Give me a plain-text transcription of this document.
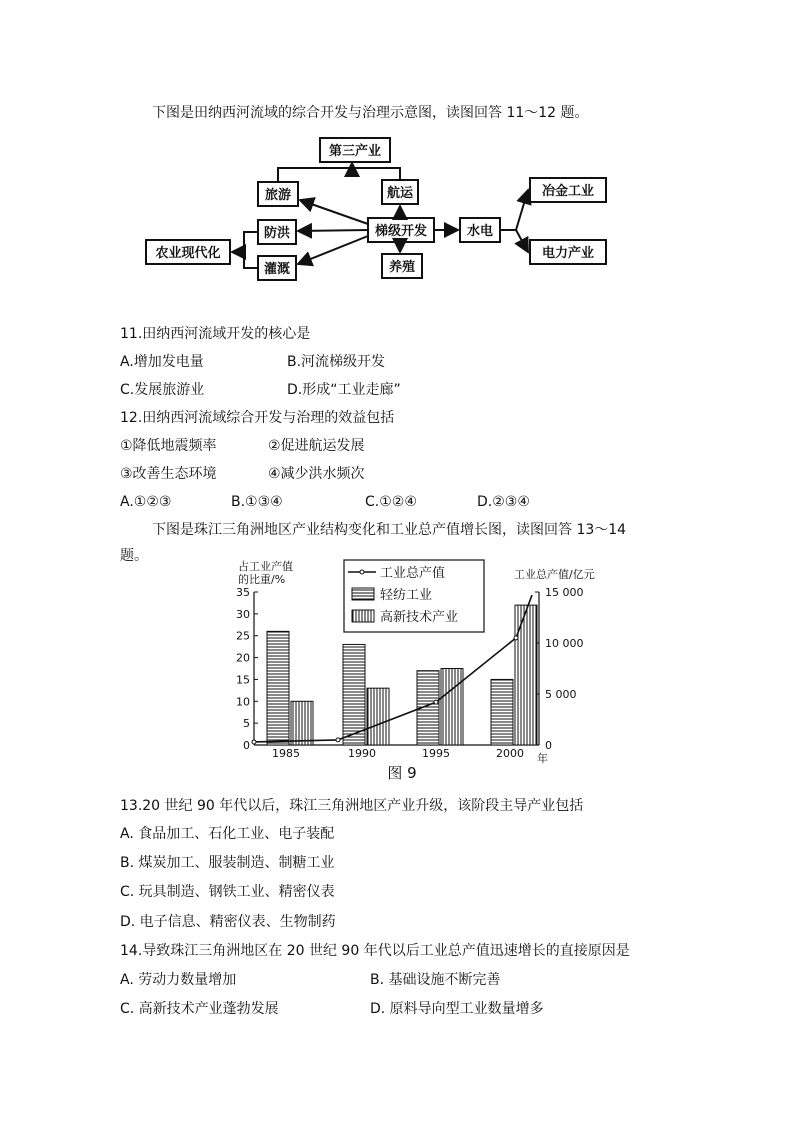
下图是田纳西河流域的综合开发与治理示意图，读图回答 11～12 题。
梯级开发
第三产业
旅游	航运
防洪
灌溉	养殖
水电
冶金工业
电力产业
农业现代化
11.田纳西河流域开发的核心是
A.增加发电量	B.河流梯级开发
C.发展旅游业	D.形成“工业走廊”
12.田纳西河流域综合开发与治理的效益包括
①降低地震频率	②促进航运发展
③改善生态环境	④减少洪水频次
A.①②③	B.①③④	C.①②④	D.②③④
下图是珠江三角洲地区产业结构变化和工业总产值增长图，读图回答 13～14
题。
占工业产值
的比重/%	工业总产值/亿元
年
图 9
工业总产值
轻纺工业
高新技术产业
0
5
10
15
20
25
30
35
0
5 000
10 000
15 000
1985	1990	1995	2000
13.20 世纪 90 年代以后，珠江三角洲地区产业升级，该阶段主导产业包括
A. 食品加工、石化工业、电子装配
B. 煤炭加工、服装制造、制糖工业
C. 玩具制造、钢铁工业、精密仪表
D. 电子信息、精密仪表、生物制药
14.导致珠江三角洲地区在 20 世纪 90 年代以后工业总产值迅速增长的直接原因是
A. 劳动力数量增加	B. 基础设施不断完善
C. 高新技术产业蓬勃发展	D. 原料导向型工业数量增多
